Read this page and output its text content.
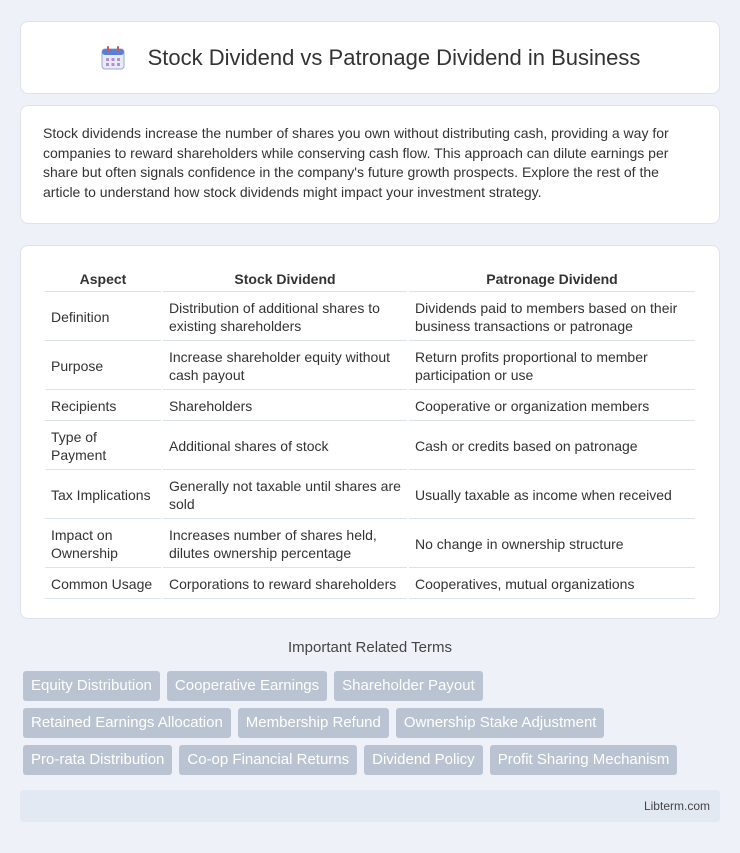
Stock Dividend vs Patronage Dividend in Business

Stock dividends increase the number of shares you own without distributing cash, providing a way for companies to reward shareholders while conserving cash flow. This approach can dilute earnings per share but often signals confidence in the company's future growth prospects. Explore the rest of the article to understand how stock dividends might impact your investment strategy.

Aspect	Stock Dividend	Patronage Dividend
Definition	Distribution of additional shares to existing shareholders	Dividends paid to members based on their business transactions or patronage
Purpose	Increase shareholder equity without cash payout	Return profits proportional to member participation or use
Recipients	Shareholders	Cooperative or organization members
Type of Payment	Additional shares of stock	Cash or credits based on patronage
Tax Implications	Generally not taxable until shares are sold	Usually taxable as income when received
Impact on Ownership	Increases number of shares held, dilutes ownership percentage	No change in ownership structure
Common Usage	Corporations to reward shareholders	Cooperatives, mutual organizations
Important Related Terms
Equity Distribution	Cooperative Earnings	Shareholder Payout
Retained Earnings Allocation	Membership Refund	Ownership Stake Adjustment
Pro-rata Distribution	Co-op Financial Returns	Dividend Policy	Profit Sharing Mechanism
Libterm.com
